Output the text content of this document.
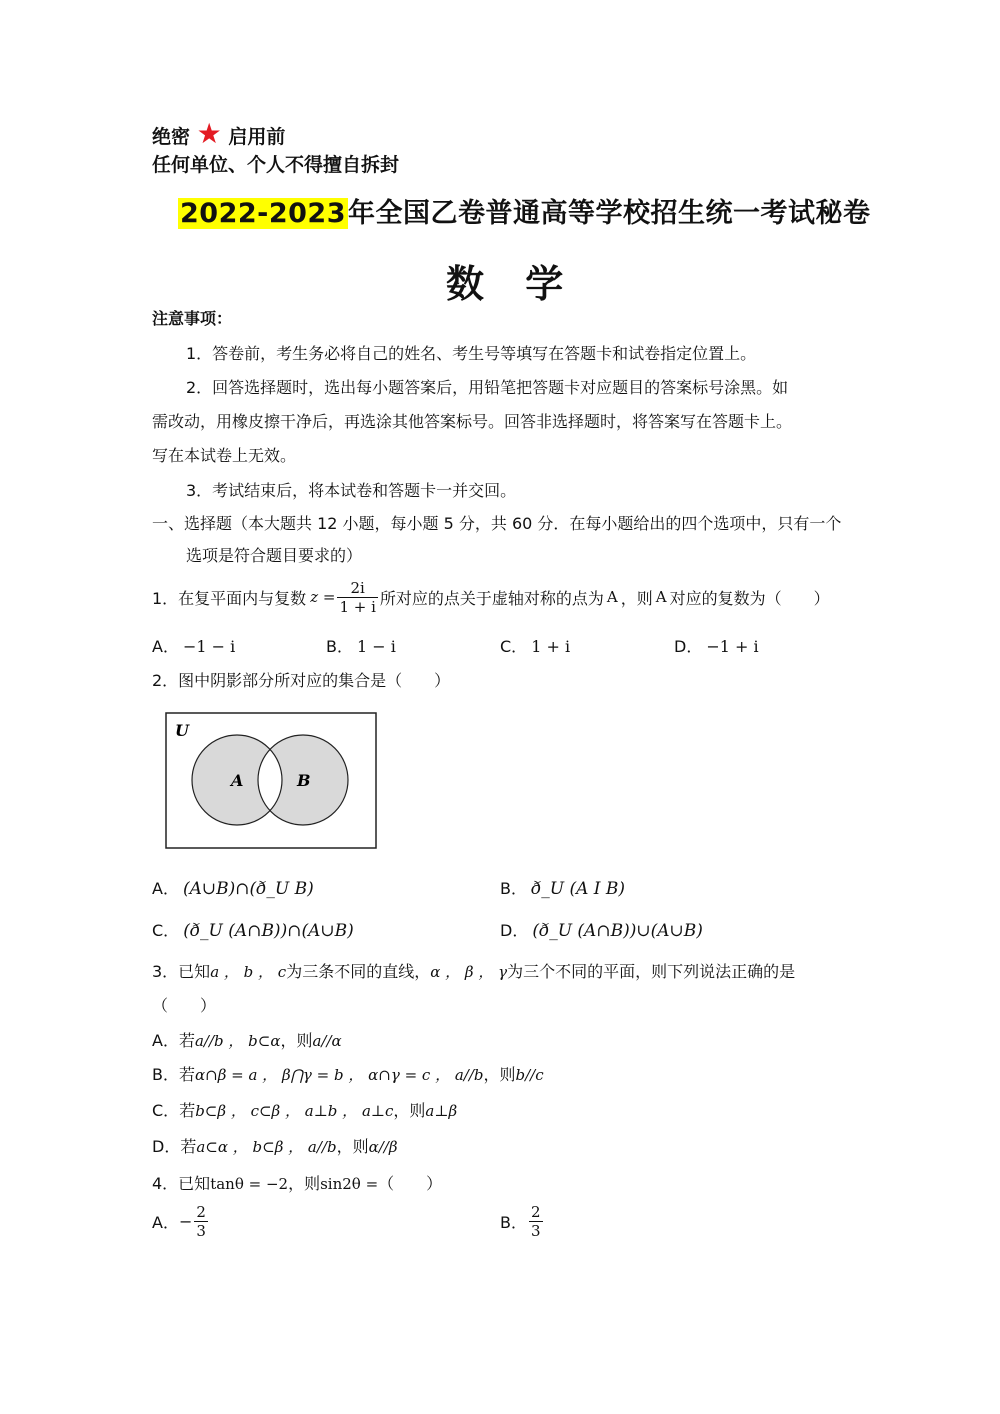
绝密 ★ 启用前
任何单位、个人不得擅自拆封
2022-2023年全国乙卷普通高等学校招生统一考试秘卷
数 学
注意事项：
1．答卷前，考生务必将自己的姓名、考生号等填写在答题卡和试卷指定位置上。
2．回答选择题时，选出每小题答案后，用铅笔把答题卡对应题目的答案标号涂黑。如
需改动，用橡皮擦干净后，再选涂其他答案标号。回答非选择题时，将答案写在答题卡上。
写在本试卷上无效。
3．考试结束后，将本试卷和答题卡一并交回。
一、选择题（本大题共 12 小题，每小题 5 分，共 60 分．在每小题给出的四个选项中，只有一个
选项是符合题目要求的）
1．在复平面内与复数 $z = \frac{2i}{1 + i}$ 所对应的点关于虚轴对称的点为 A ，则 A 对应的复数为（　　）
A． −1 − i	B． 1 − i	C． 1 + i	D． −1 + i
2．图中阴影部分所对应的集合是（　　）
U
A	B
A． (A∪B)∩(ð_U B)	B． ð_U (A I B)
C． (ð_U (A∩B))∩(A∪B)	D． (ð_U (A∩B))∪(A∪B)
3．已知a ， b ， c为三条不同的直线，α ， β ， γ为三个不同的平面，则下列说法正确的是
（　　）
A．若a//b ， b⊂α，则a//α
B．若α∩β = a ， β⋂γ = b ， α∩γ = c ， a//b，则b//c
C．若b⊂β ， c⊂β ， a⊥b ， a⊥c，则a⊥β
D．若a⊂α ， b⊂β ， a//b，则α//β
4．已知tanθ = −2，则sin2θ =（　　）
A． − $\frac{2}{3}$	B． $\frac{2}{3}$
